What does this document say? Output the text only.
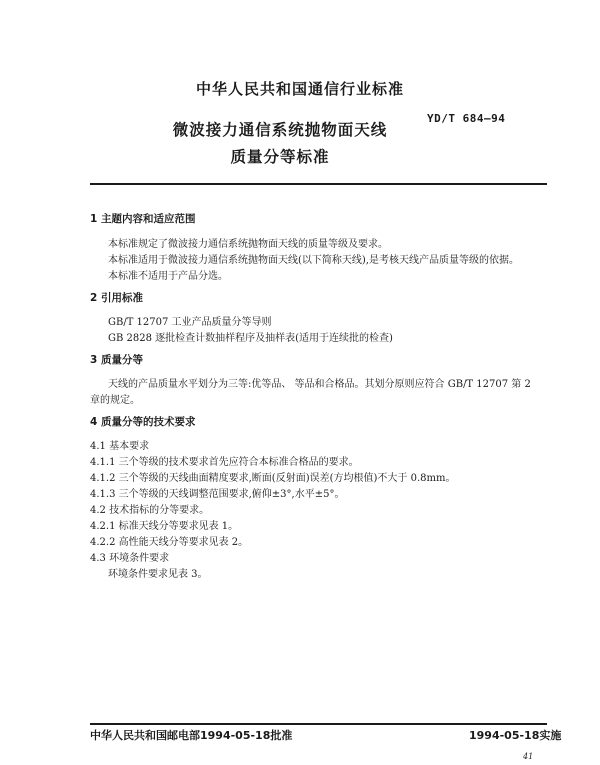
中华人民共和国通信行业标准
微波接力通信系统抛物面天线
质量分等标准
YD/T 684—94
1 主题内容和适应范围
本标准规定了微波接力通信系统抛物面天线的质量等级及要求。
本标准适用于微波接力通信系统抛物面天线(以下简称天线),是考核天线产品质量等级的依据。
本标准不适用于产品分选。
2 引用标准
GB/T 12707 工业产品质量分等导则
GB 2828 逐批检查计数抽样程序及抽样表(适用于连续批的检查)
3 质量分等
天线的产品质量水平划分为三等:优等品、 等品和合格品。其划分原则应符合 GB/T 12707 第 2
章的规定。
4 质量分等的技术要求
4.1 基本要求
4.1.1 三个等级的技术要求首先应符合本标准合格品的要求。
4.1.2 三个等级的天线曲面精度要求,断面(反射面)误差(方均根值)不大于 0.8mm。
4.1.3 三个等级的天线调整范围要求,俯仰±3°,水平±5°。
4.2 技术指标的分等要求。
4.2.1 标准天线分等要求见表 1。
4.2.2 高性能天线分等要求见表 2。
4.3 环境条件要求
环境条件要求见表 3。
中华人民共和国邮电部1994-05-18批准	1994-05-18实施
41
